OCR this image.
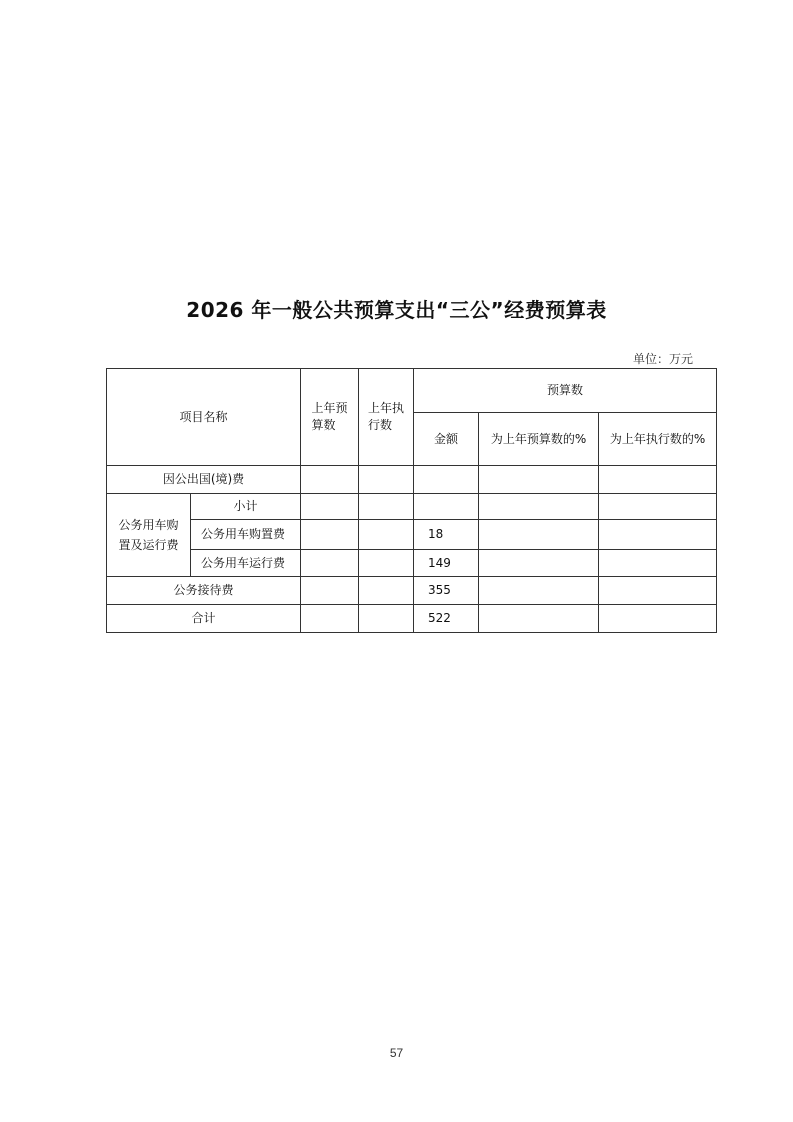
2026 年一般公共预算支出“三公”经费预算表
单位：万元
项目名称		上年预算数	上年执行数	预算数		
				金额	为上年预算数的%	为上年执行数的%
因公出国(境)费						

公务用车购置及运行费	小计					
	公务用车购置费			18		
	公务用车运行费			149		
公务接待费				355		
合计				522		
57
